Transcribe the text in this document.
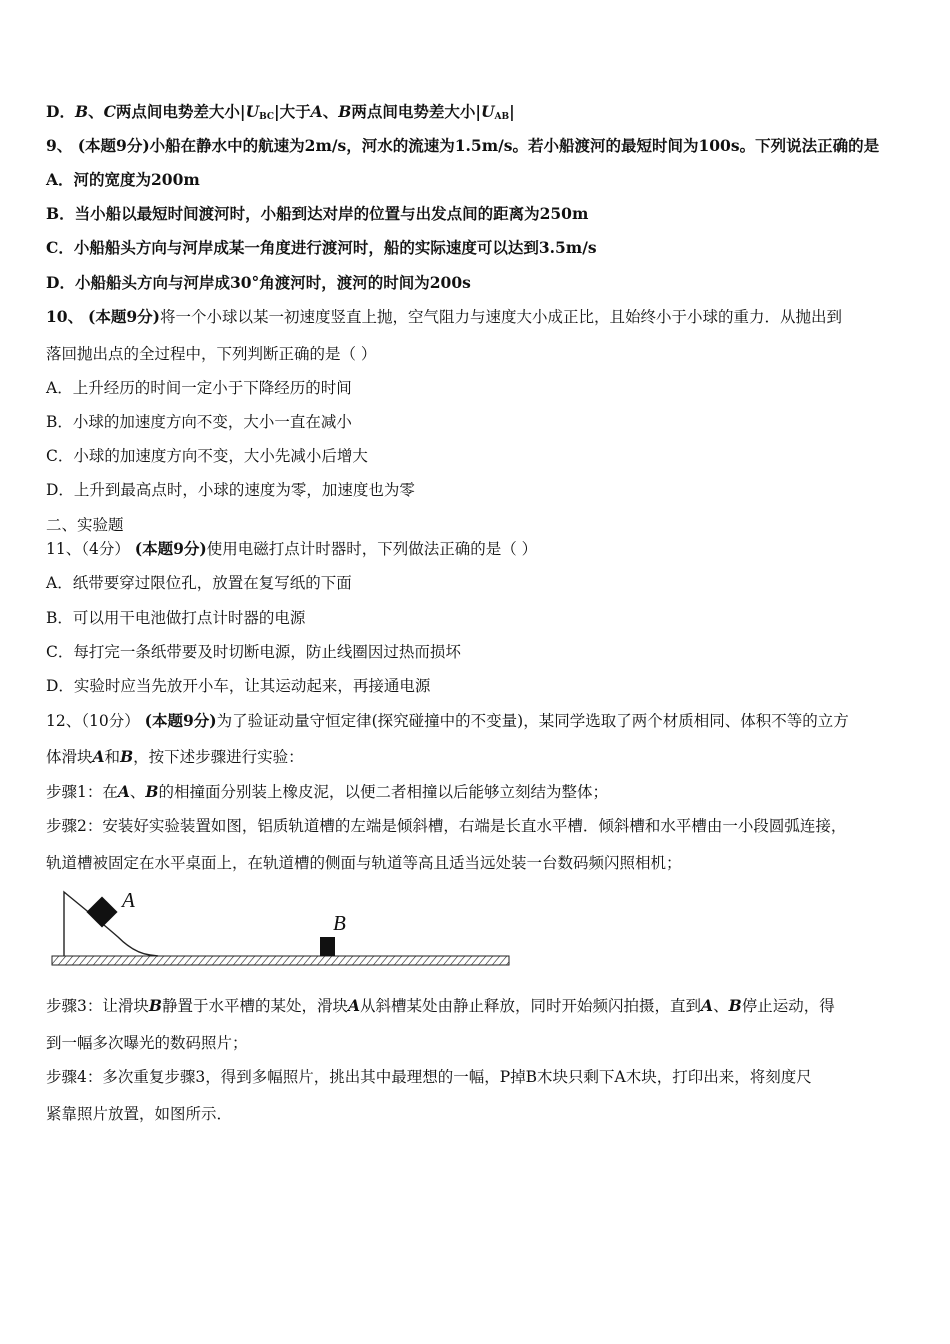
D．B、C两点间电势差大小$|U_{BC}|$大于A、B两点间电势差大小$|U_{AB}|$
9、 (本题9分)小船在静水中的航速为2m/s，河水的流速为1.5m/s。若小船渡河的最短时间为100s。下列说法正确的是
A．河的宽度为200m
B．当小船以最短时间渡河时，小船到达对岸的位置与出发点间的距离为250m
C．小船船头方向与河岸成某一角度进行渡河时，船的实际速度可以达到3.5m/s
D．小船船头方向与河岸成30°角渡河时，渡河的时间为200s
10、 (本题9分)将一个小球以某一初速度竖直上抛，空气阻力与速度大小成正比，且始终小于小球的重力．从抛出到
落回抛出点的全过程中，下列判断正确的是（ ）
A．上升经历的时间一定小于下降经历的时间
B．小球的加速度方向不变，大小一直在减小
C．小球的加速度方向不变，大小先减小后增大
D．上升到最高点时，小球的速度为零，加速度也为零
二、实验题
11、（4分） (本题9分)使用电磁打点计时器时，下列做法正确的是（ ）
A．纸带要穿过限位孔，放置在复写纸的下面
B．可以用干电池做打点计时器的电源
C．每打完一条纸带要及时切断电源，防止线圈因过热而损坏
D．实验时应当先放开小车，让其运动起来，再接通电源
12、（10分） (本题9分)为了验证动量守恒定律(探究碰撞中的不变量)，某同学选取了两个材质相同、体积不等的立方
体滑块A和B，按下述步骤进行实验：
步骤1：在A、B的相撞面分别装上橡皮泥，以便二者相撞以后能够立刻结为整体；
步骤2：安装好实验装置如图，铝质轨道槽的左端是倾斜槽，右端是长直水平槽．倾斜槽和水平槽由一小段圆弧连接，
轨道槽被固定在水平桌面上，在轨道槽的侧面与轨道等高且适当远处装一台数码频闪照相机；
A
B
步骤3：让滑块B静置于水平槽的某处，滑块A从斜槽某处由静止释放，同时开始频闪拍摄，直到A、B停止运动，得
到一幅多次曝光的数码照片；
步骤4：多次重复步骤3，得到多幅照片，挑出其中最理想的一幅，P掉B木块只剩下A木块，打印出来，将刻度尺
紧靠照片放置，如图所示．
